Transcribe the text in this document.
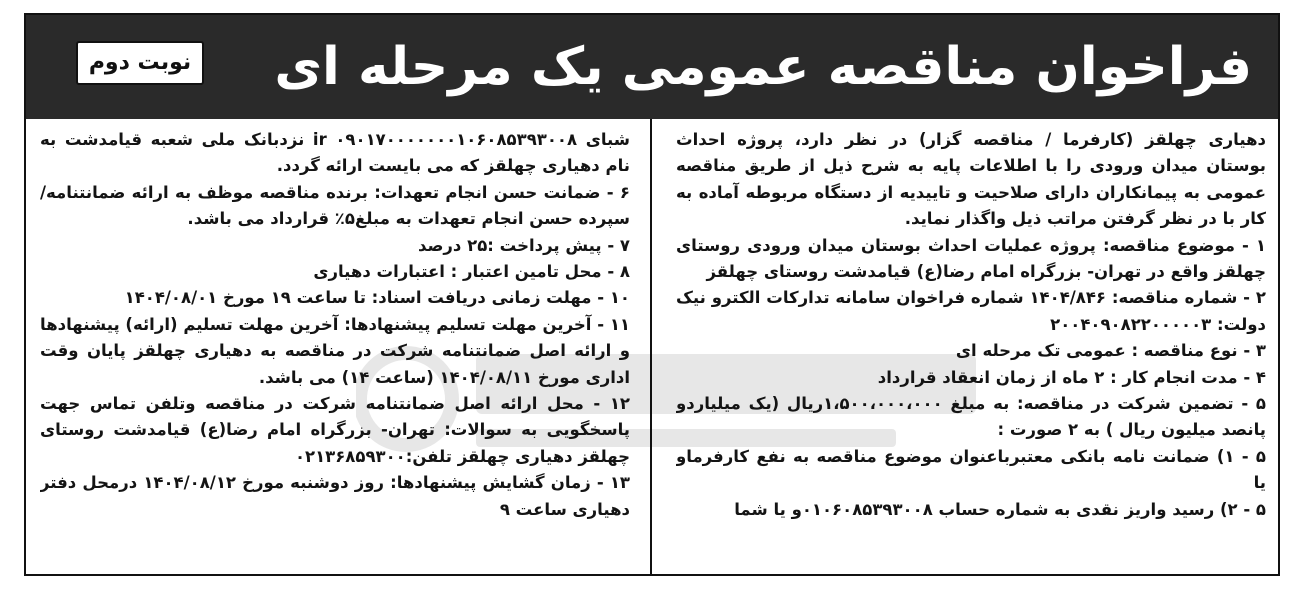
فراخوان مناقصه عمومی یک مرحله ای
نوبت دوم

دهیاری چهلقز (کارفرما / مناقصه گزار) در نظر دارد، پروژه احداث بوستان میدان ورودی را با اطلاعات پایه به شرح ذیل از طریق مناقصه عمومی به پیمانکاران دارای صلاحیت و تاییدیه از دستگاه مربوطه آماده به کار با در نظر گرفتن مراتب ذیل واگذار نماید.

۱ - موضوع مناقصه: پروژه عملیات احداث بوستان میدان ورودی روستای چهلقز واقع در تهران- بزرگراه امام رضا(ع) قیامدشت روستای چهلقز

۲ - شماره مناقصه: ۱۴۰۴/۸۴۶ شماره فراخوان سامانه تدارکات الکترو نیک دولت: ۲۰۰۴۰۹۰۸۲۲۰۰۰۰۰۳

۳ - نوع مناقصه : عمومی تک مرحله ای

۴ - مدت انجام کار : ۲ ماه از زمان انعقاد قرارداد

۵ - تضمین شرکت در مناقصه: به مبلغ ۱،۵۰۰،۰۰۰،۰۰۰ریال (یک میلیاردو پانصد میلیون ریال ) به ۲ صورت :

۵ - ۱) ضمانت نامه بانکی معتبرباعنوان موضوع مناقصه به نفع کارفرماو یا

۵ - ۲) رسید واریز نقدی به شماره حساب ۰۱۰۶۰۸۵۳۹۳۰۰۸و یا شما

شبای ir ۰۹۰۱۷۰۰۰۰۰۰۰۱۰۶۰۸۵۳۹۳۰۰۸ نزدبانک ملی شعبه قیامدشت به نام دهیاری چهلقز که می بایست ارائه گردد.

۶ - ضمانت حسن انجام تعهدات: برنده مناقصه موظف به ارائه ضمانتنامه/ سپرده حسن انجام تعهدات به مبلغ۵٪ قرارداد می باشد.

۷ - پیش پرداخت :۲۵ درصد

۸ - محل تامین اعتبار : اعتبارات دهیاری

۱۰ - مهلت زمانی دریافت اسناد: تا ساعت ۱۹ مورخ ۱۴۰۴/۰۸/۰۱

۱۱ - آخرین مهلت تسلیم پیشنهادها: آخرین مهلت تسلیم (ارائه) پیشنهادها و ارائه اصل ضمانتنامه شرکت در مناقصه به دهیاری چهلقز پایان وقت اداری مورخ ۱۴۰۴/۰۸/۱۱ (ساعت ۱۴) می باشد.

۱۲ - محل ارائه اصل ضمانتنامه شرکت در مناقصه وتلفن تماس جهت پاسخگویی به سوالات: تهران- بزرگراه امام رضا(ع) قیامدشت روستای چهلقز دهیاری چهلقز تلفن:۰۲۱۳۶۸۵۹۳۰۰

۱۳ - زمان گشایش پیشنهادها: روز دوشنبه مورخ ۱۴۰۴/۰۸/۱۲ درمحل دفتر دهیاری ساعت ۹
